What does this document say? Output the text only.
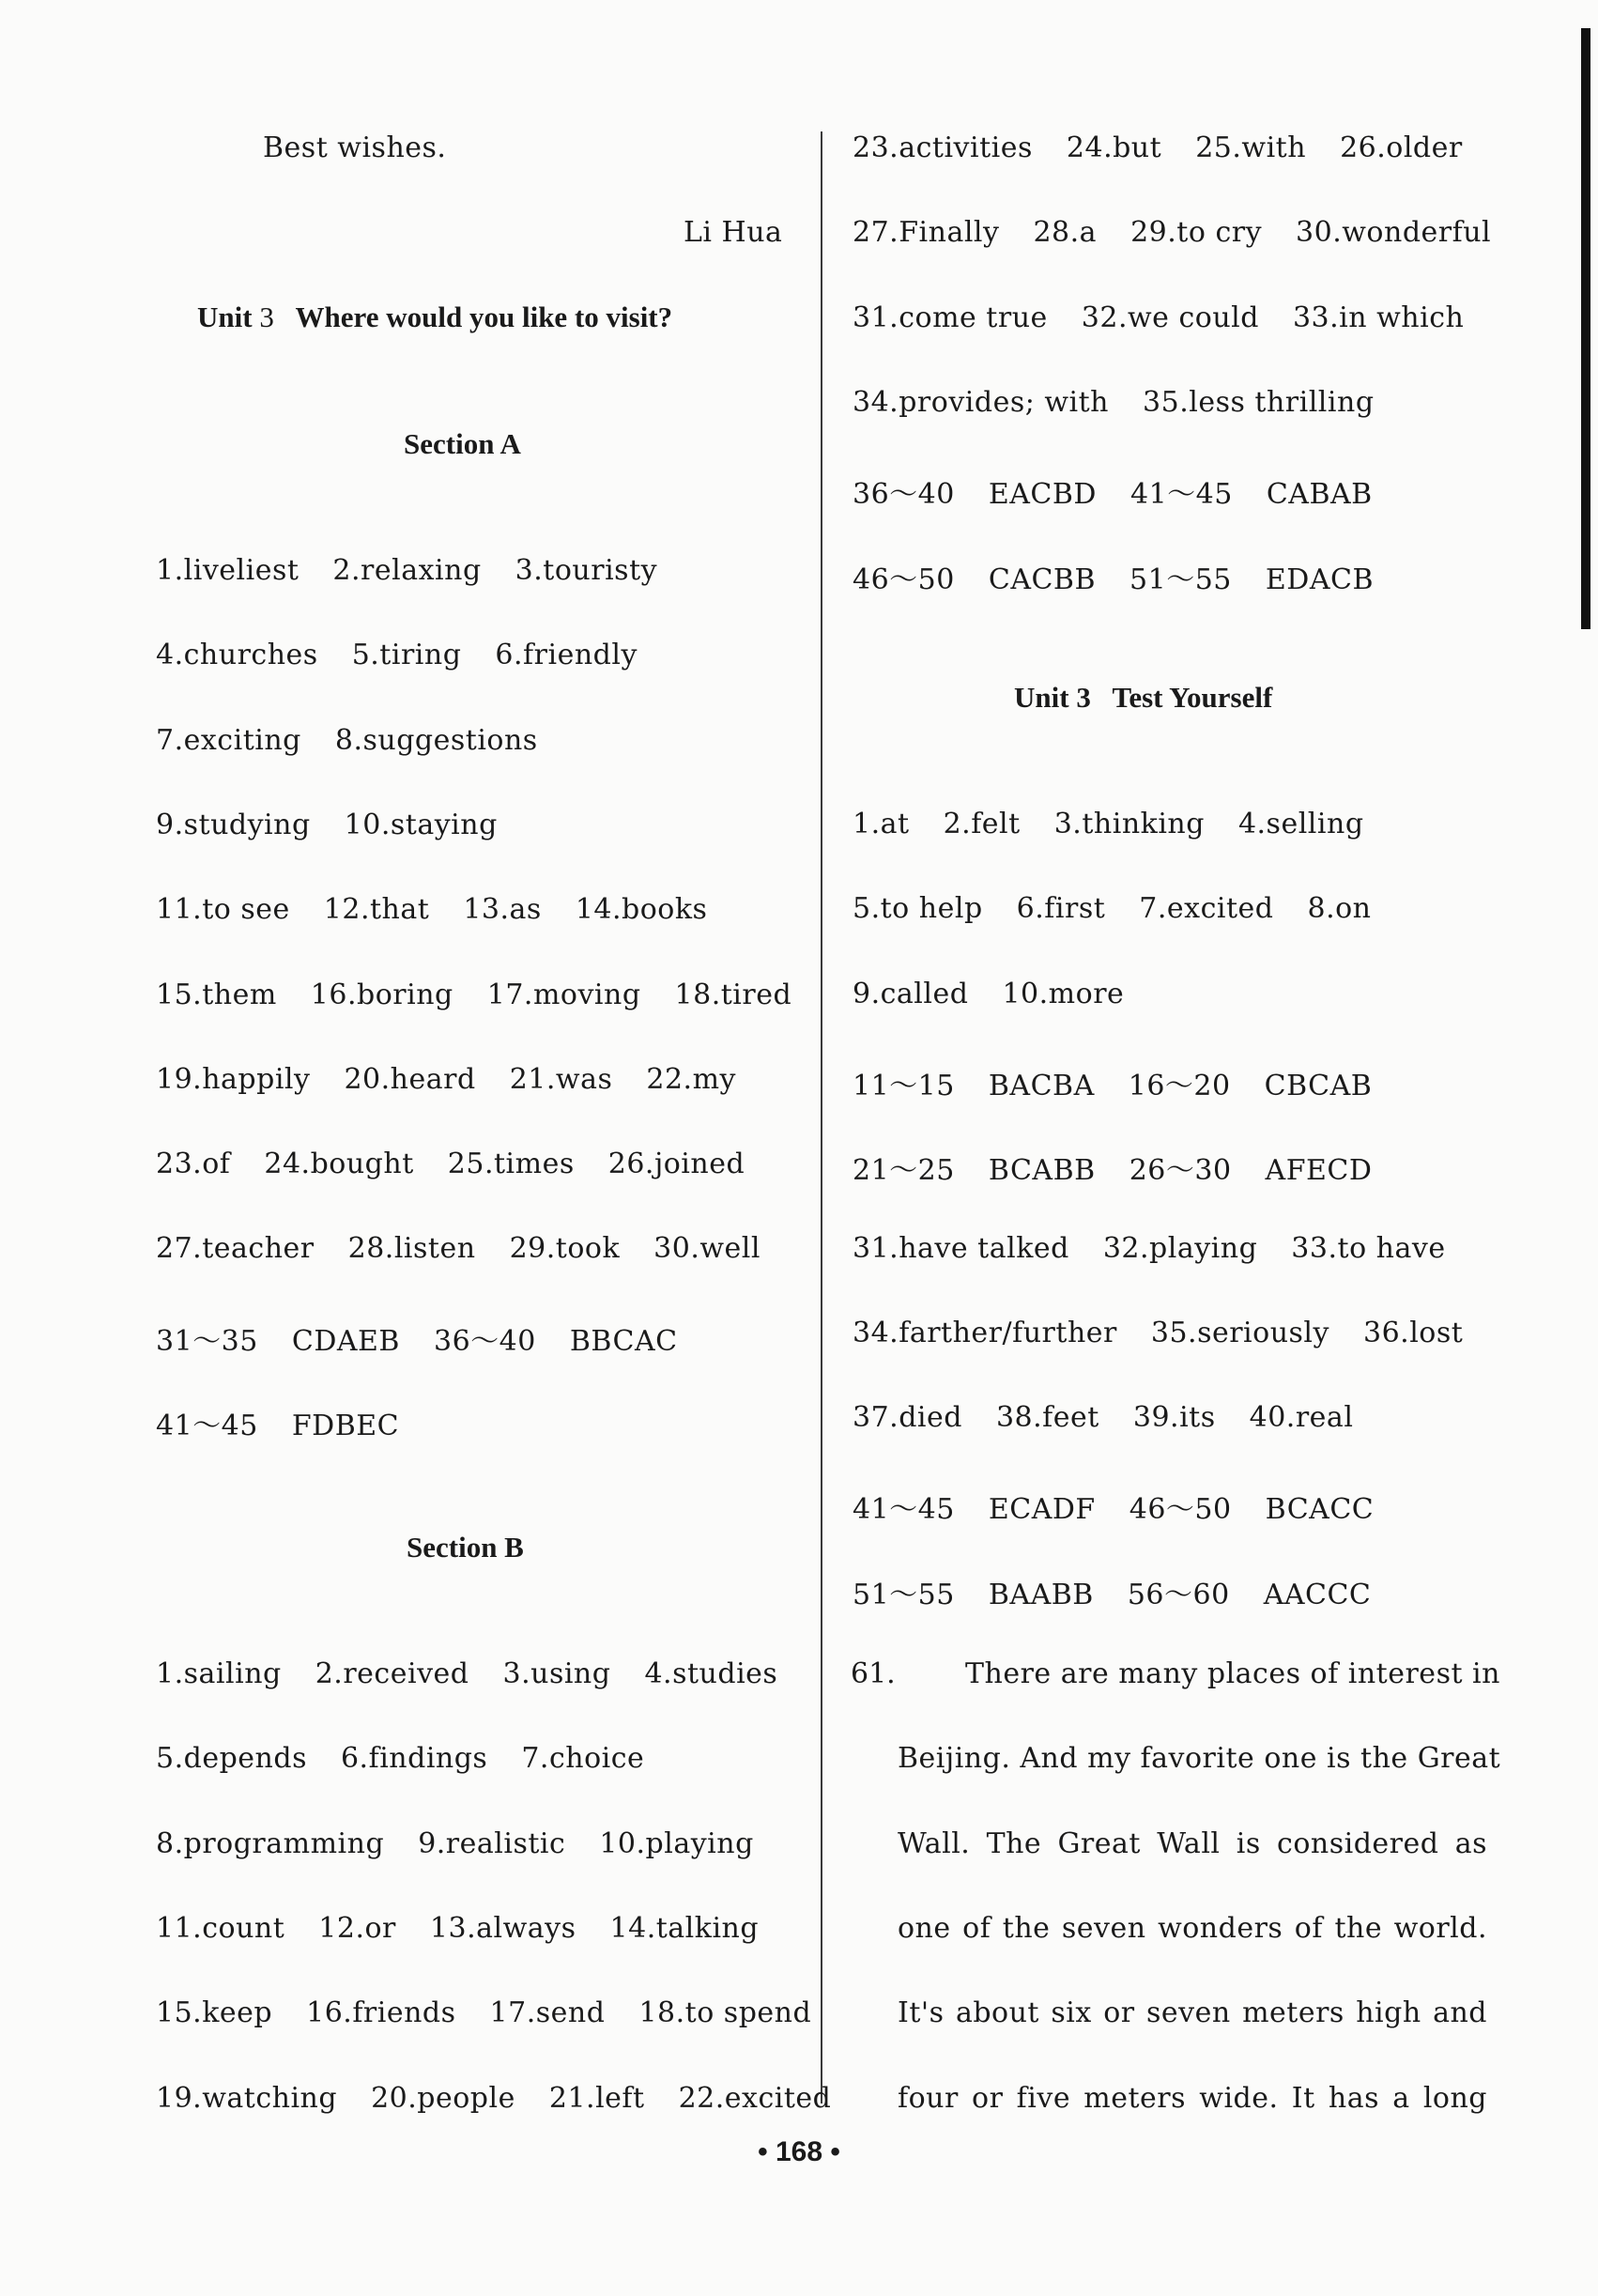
Best wishes.
Li Hua
Unit 3 Where would you like to visit?
Section A
1.liveliest 2.relaxing 3.touristy
4.churches 5.tiring 6.friendly
7.exciting 8.suggestions
9.studying 10.staying
11.to see 12.that 13.as 14.books
15.them 16.boring 17.moving 18.tired
19.happily 20.heard 21.was 22.my
23.of 24.bought 25.times 26.joined
27.teacher 28.listen 29.took 30.well
31～35 CDAEB 36～40 BBCAC
41～45 FDBEC
Section B
1.sailing 2.received 3.using 4.studies
5.depends 6.findings 7.choice
8.programming 9.realistic 10.playing
11.count 12.or 13.always 14.talking
15.keep 16.friends 17.send 18.to spend
19.watching 20.people 21.left 22.excited
23.activities 24.but 25.with 26.older
27.Finally 28.a 29.to cry 30.wonderful
31.come true 32.we could 33.in which
34.provides; with 35.less thrilling
36～40 EACBD 41～45 CABAB
46～50 CACBB 51～55 EDACB
Unit 3 Test Yourself
1.at 2.felt 3.thinking 4.selling
5.to help 6.first 7.excited 8.on
9.called 10.more
11～15 BACBA 16～20 CBCAB
21～25 BCABB 26～30 AFECD
31.have talked 32.playing 33.to have
34.farther/further 35.seriously 36.lost
37.died 38.feet 39.its 40.real
41～45 ECADF 46～50 BCACC
51～55 BAABB 56～60 AACCC
61. There are many places of interest in
Beijing. And my favorite one is the Great
Wall. The Great Wall is considered as
one of the seven wonders of the world.
It's about six or seven meters high and
four or five meters wide. It has a long
• 168 •
